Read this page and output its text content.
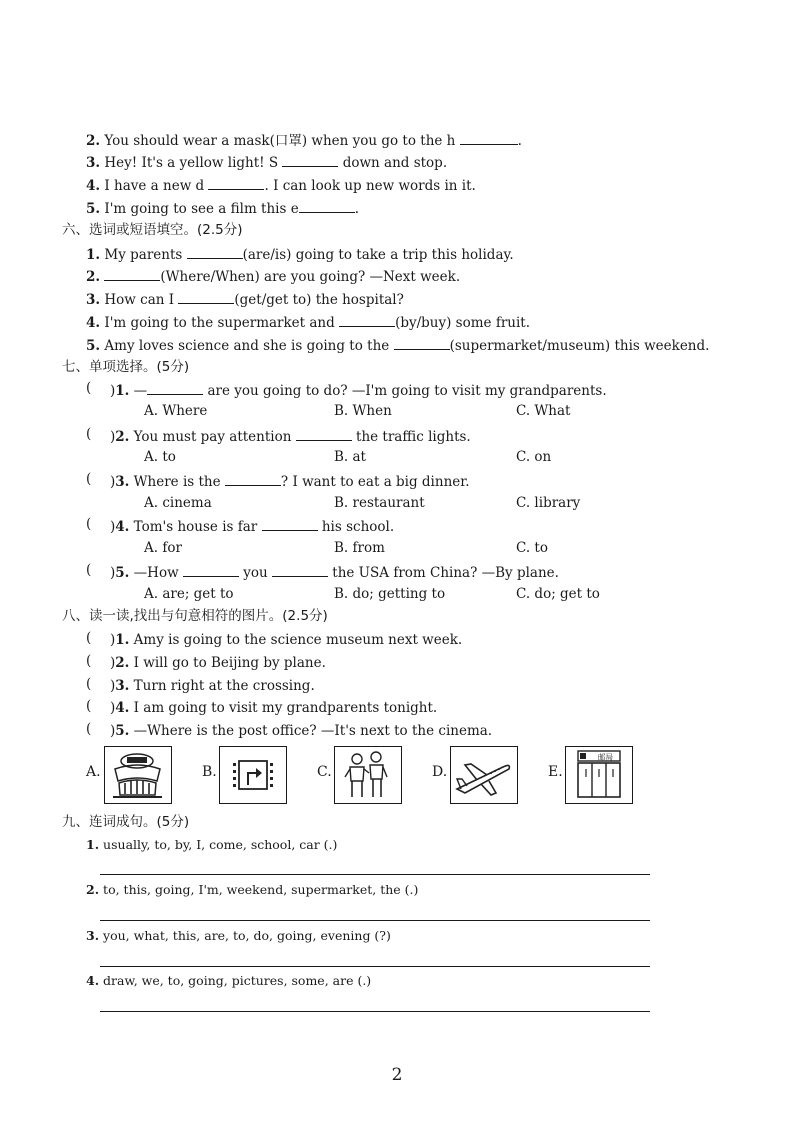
2. You should wear a mask(口罩) when you go to the h	.
3. Hey! It's a yellow light! S	down and stop.
4. I have a new d	. I can look up new words in it.
5. I'm going to see a film this e	.
六、选词或短语填空。(2.5分)
1. My parents	(are/is) going to take a trip this holiday.
2.	(Where/When) are you going? —Next week.
3. How can I	(get/get to) the hospital?
4. I'm going to the supermarket and	(by/buy) some fruit.
5. Amy loves science and she is going to the	(supermarket/museum) this weekend.
七、单项选择。(5分)
(	)1. —	are you going to do? —I'm going to visit my grandparents.
A. Where	B. When	C. What
(	)2. You must pay attention	the traffic lights.
A. to	B. at	C. on
(	)3. Where is the	? I want to eat a big dinner.
A. cinema	B. restaurant	C. library
(	)4. Tom's house is far	his school.
A. for	B. from	C. to
(	)5. —How	you	the USA from China? —By plane.
A. are; get to	B. do; getting to	C. do; get to
八、读一读,找出与句意相符的图片。(2.5分)
(	)1. Amy is going to the science museum next week.
(	)2. I will go to Beijing by plane.
(	)3. Turn right at the crossing.
(	)4. I am going to visit my grandparents tonight.
(	)5. —Where is the post office? —It's next to the cinema.
A.	B.	C.	D.	E.
邮局
九、连词成句。(5分)
1. usually, to, by, I, come, school, car (.)
2. to, this, going, I'm, weekend, supermarket, the (.)
3. you, what, this, are, to, do, going, evening (?)
4. draw, we, to, going, pictures, some, are (.)
2
